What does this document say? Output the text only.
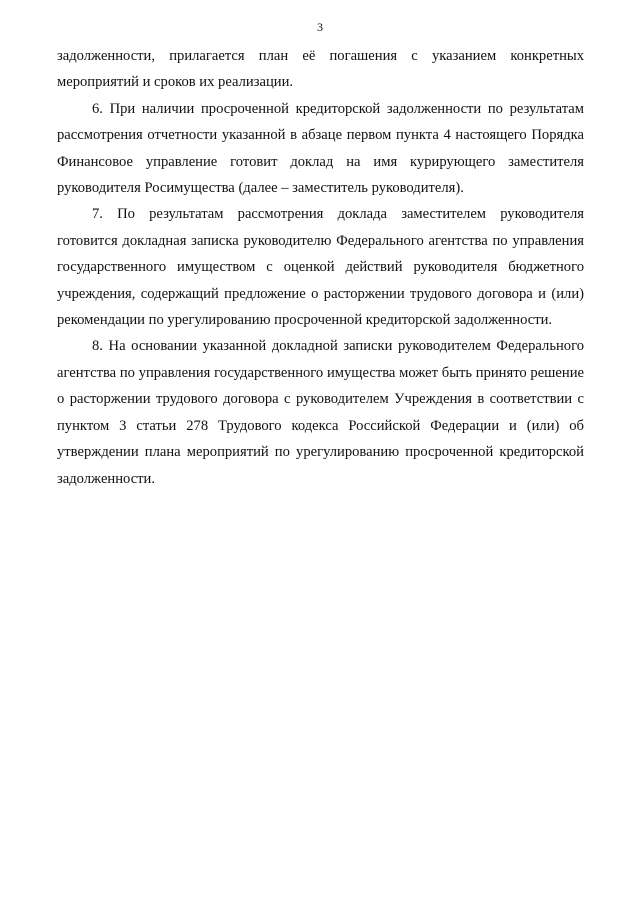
3

задолженности, прилагается план её погашения с указанием конкретных мероприятий и сроков их реализации.

6. При наличии просроченной кредиторской задолженности по результатам рассмотрения отчетности указанной в абзаце первом пункта 4 настоящего Порядка Финансовое управление готовит доклад на имя курирующего заместителя руководителя Росимущества (далее – заместитель руководителя).

7. По результатам рассмотрения доклада заместителем руководителя готовится докладная записка руководителю Федерального агентства по управления государственного имуществом с оценкой действий руководителя бюджетного учреждения, содержащий предложение о расторжении трудового договора и (или) рекомендации по урегулированию просроченной кредиторской задолженности.

8. На основании указанной докладной записки руководителем Федерального агентства по управления государственного имущества может быть принято решение о расторжении трудового договора с руководителем Учреждения в соответствии с пунктом 3 статьи 278 Трудового кодекса Российской Федерации и (или) об утверждении плана мероприятий по урегулированию просроченной кредиторской задолженности.
